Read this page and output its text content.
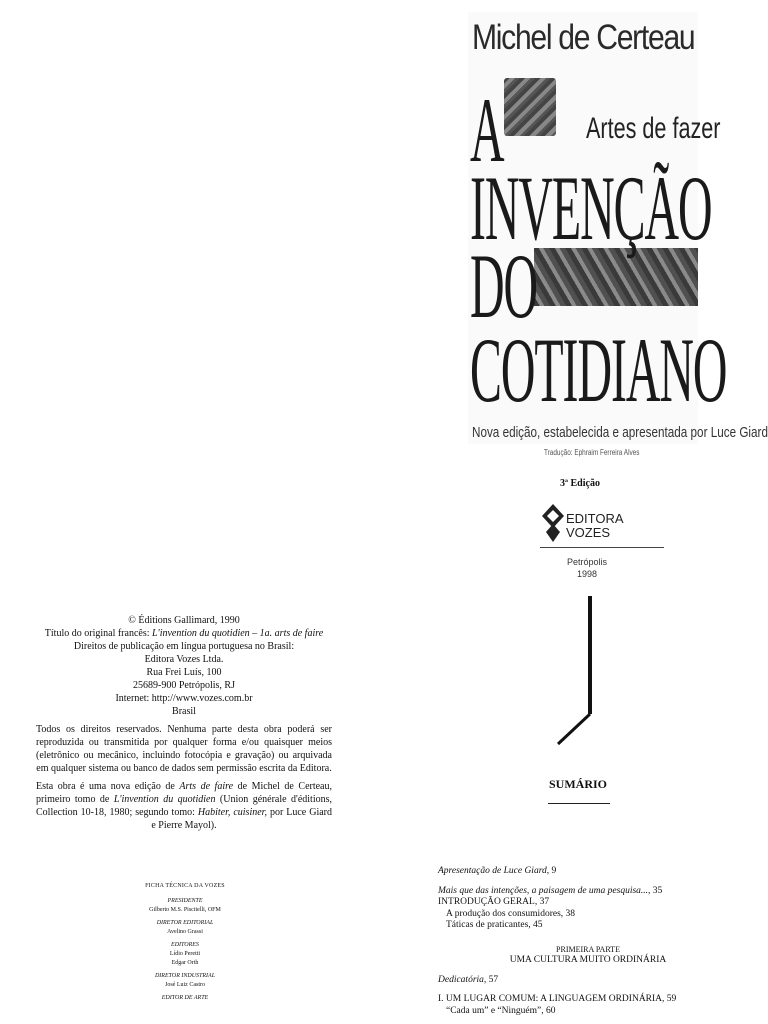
Michel de Certeau
A	Artes de fazer
INVENÇÃO
DO
COTIDIANO
Nova edição, estabelecida e apresentada por Luce Giard
Tradução: Ephraim Ferreira Alves
3ª Edição
EDITORA
VOZES
Petrópolis
1998

© Éditions Gallimard, 1990

Título do original francês: L'invention du quotidien – 1a. arts de faire

Direitos de publicação em língua portuguesa no Brasil:

Editora Vozes Ltda.

Rua Frei Luís, 100

25689-900 Petrópolis, RJ

Internet: http://www.vozes.com.br

Brasil

Todos os direitos reservados. Nenhuma parte desta obra poderá ser reproduzida ou transmitida por qualquer forma e/ou quaisquer meios (eletrônico ou mecânico, incluindo fotocópia e gravação) ou arquivada em qualquer sistema ou banco de dados sem permissão escrita da Editora.

Esta obra é uma nova edição de Arts de faire de Michel de Certeau, primeiro tomo de L'invention du quotidien (Union générale d'éditions, Collection 10-18, 1980; segundo tomo: Habiter, cuisiner, por Luce Giard e Pierre Mayol).

FICHA TÉCNICA DA VOZES
PRESIDENTE
Gilberto M.S. Piscitelli, OFM
DIRETOR EDITORIAL
Avelino Grassi
EDITORES
Lídio Peretti
Edgar Orth
DIRETOR INDUSTRIAL
José Luiz Castro
EDITOR DE ARTE
SUMÁRIO
Apresentação de Luce Giard, 9
Mais que das intenções, a paisagem de uma pesquisa..., 35
INTRODUÇÃO GERAL, 37
A produção dos consumidores, 38
Táticas de praticantes, 45
PRIMEIRA PARTE
UMA CULTURA MUITO ORDINÁRIA
Dedicatória, 57
I. UM LUGAR COMUM: A LINGUAGEM ORDINÁRIA, 59
“Cada um” e “Ninguém”, 60
